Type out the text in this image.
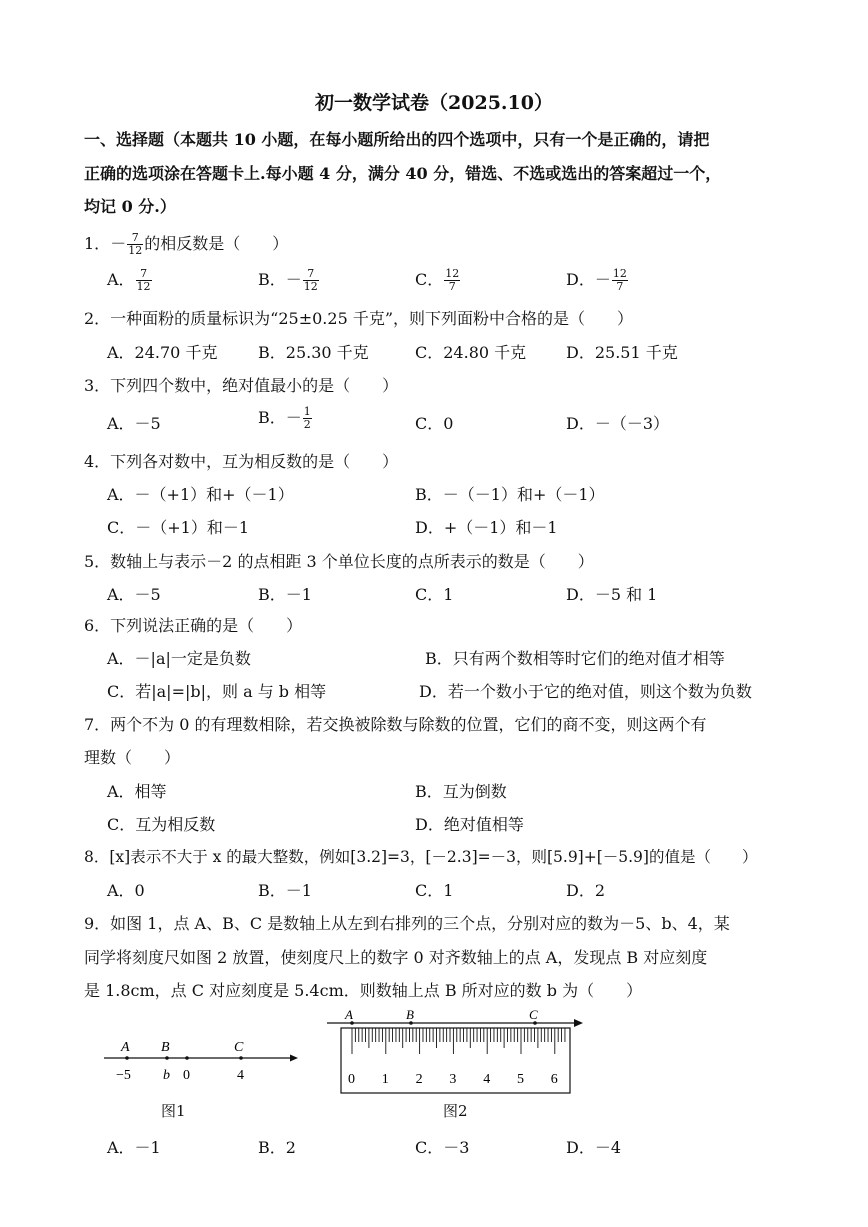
初一数学试卷（2025.10）
一、选择题（本题共 10 小题，在每小题所给出的四个选项中，只有一个是正确的，请把
正确的选项涂在答题卡上.每小题 4 分，满分 40 分，错选、不选或选出的答案超过一个，
均记 0 分.）
1．－ $\frac{7}{12}$ 的相反数是（　　）
A． $\frac{7}{12}$	B．－ $\frac{7}{12}$	C． $\frac{12}{7}$	D．－ $\frac{12}{7}$
2．一种面粉的质量标识为“25±0.25 千克”，则下列面粉中合格的是（　　）
A．24.70 千克	B．25.30 千克	C．24.80 千克 D．25.51 千克
3．下列四个数中，绝对值最小的是（　　）
A．－5	B．－ $\frac{1}{2}$	C．0	D．－（－3）
4．下列各对数中，互为相反数的是（　　）
A．－（+1）和+（－1）	B．－（－1）和+（－1）
C．－（+1）和－1	D．+（－1）和－1
5．数轴上与表示－2 的点相距 3 个单位长度的点所表示的数是（　　）
A．－5	B．－1	C．1	D．－5 和 1
6．下列说法正确的是（　　）
A．－|a|一定是负数	B．只有两个数相等时它们的绝对值才相等
C．若|a|=|b|，则 a 与 b 相等	D．若一个数小于它的绝对值，则这个数为负数
7．两个不为 0 的有理数相除，若交换被除数与除数的位置，它们的商不变，则这两个有
理数（　　）
A．相等	B．互为倒数
C．互为相反数	D．绝对值相等
8．[x]表示不大于 x 的最大整数，例如[3.2]=3，[－2.3]=－3，则[5.9]+[－5.9]的值是（　　）
A．0	B．－1	C．1	D．2
9．如图 1，点 A、B、C 是数轴上从左到右排列的三个点，分别对应的数为－5、b、4，某
同学将刻度尺如图 2 放置，使刻度尺上的数字 0 对齐数轴上的点 A，发现点 B 对应刻度
是 1.8cm，点 C 对应刻度是 5.4cm．则数轴上点 B 所对应的数 b 为（　　）
A B	C
−5 b 0	4
图1
A	B	C
0 1 2 3 4 5 6
图2
A．－1	B．2	C．－3	D．－4
